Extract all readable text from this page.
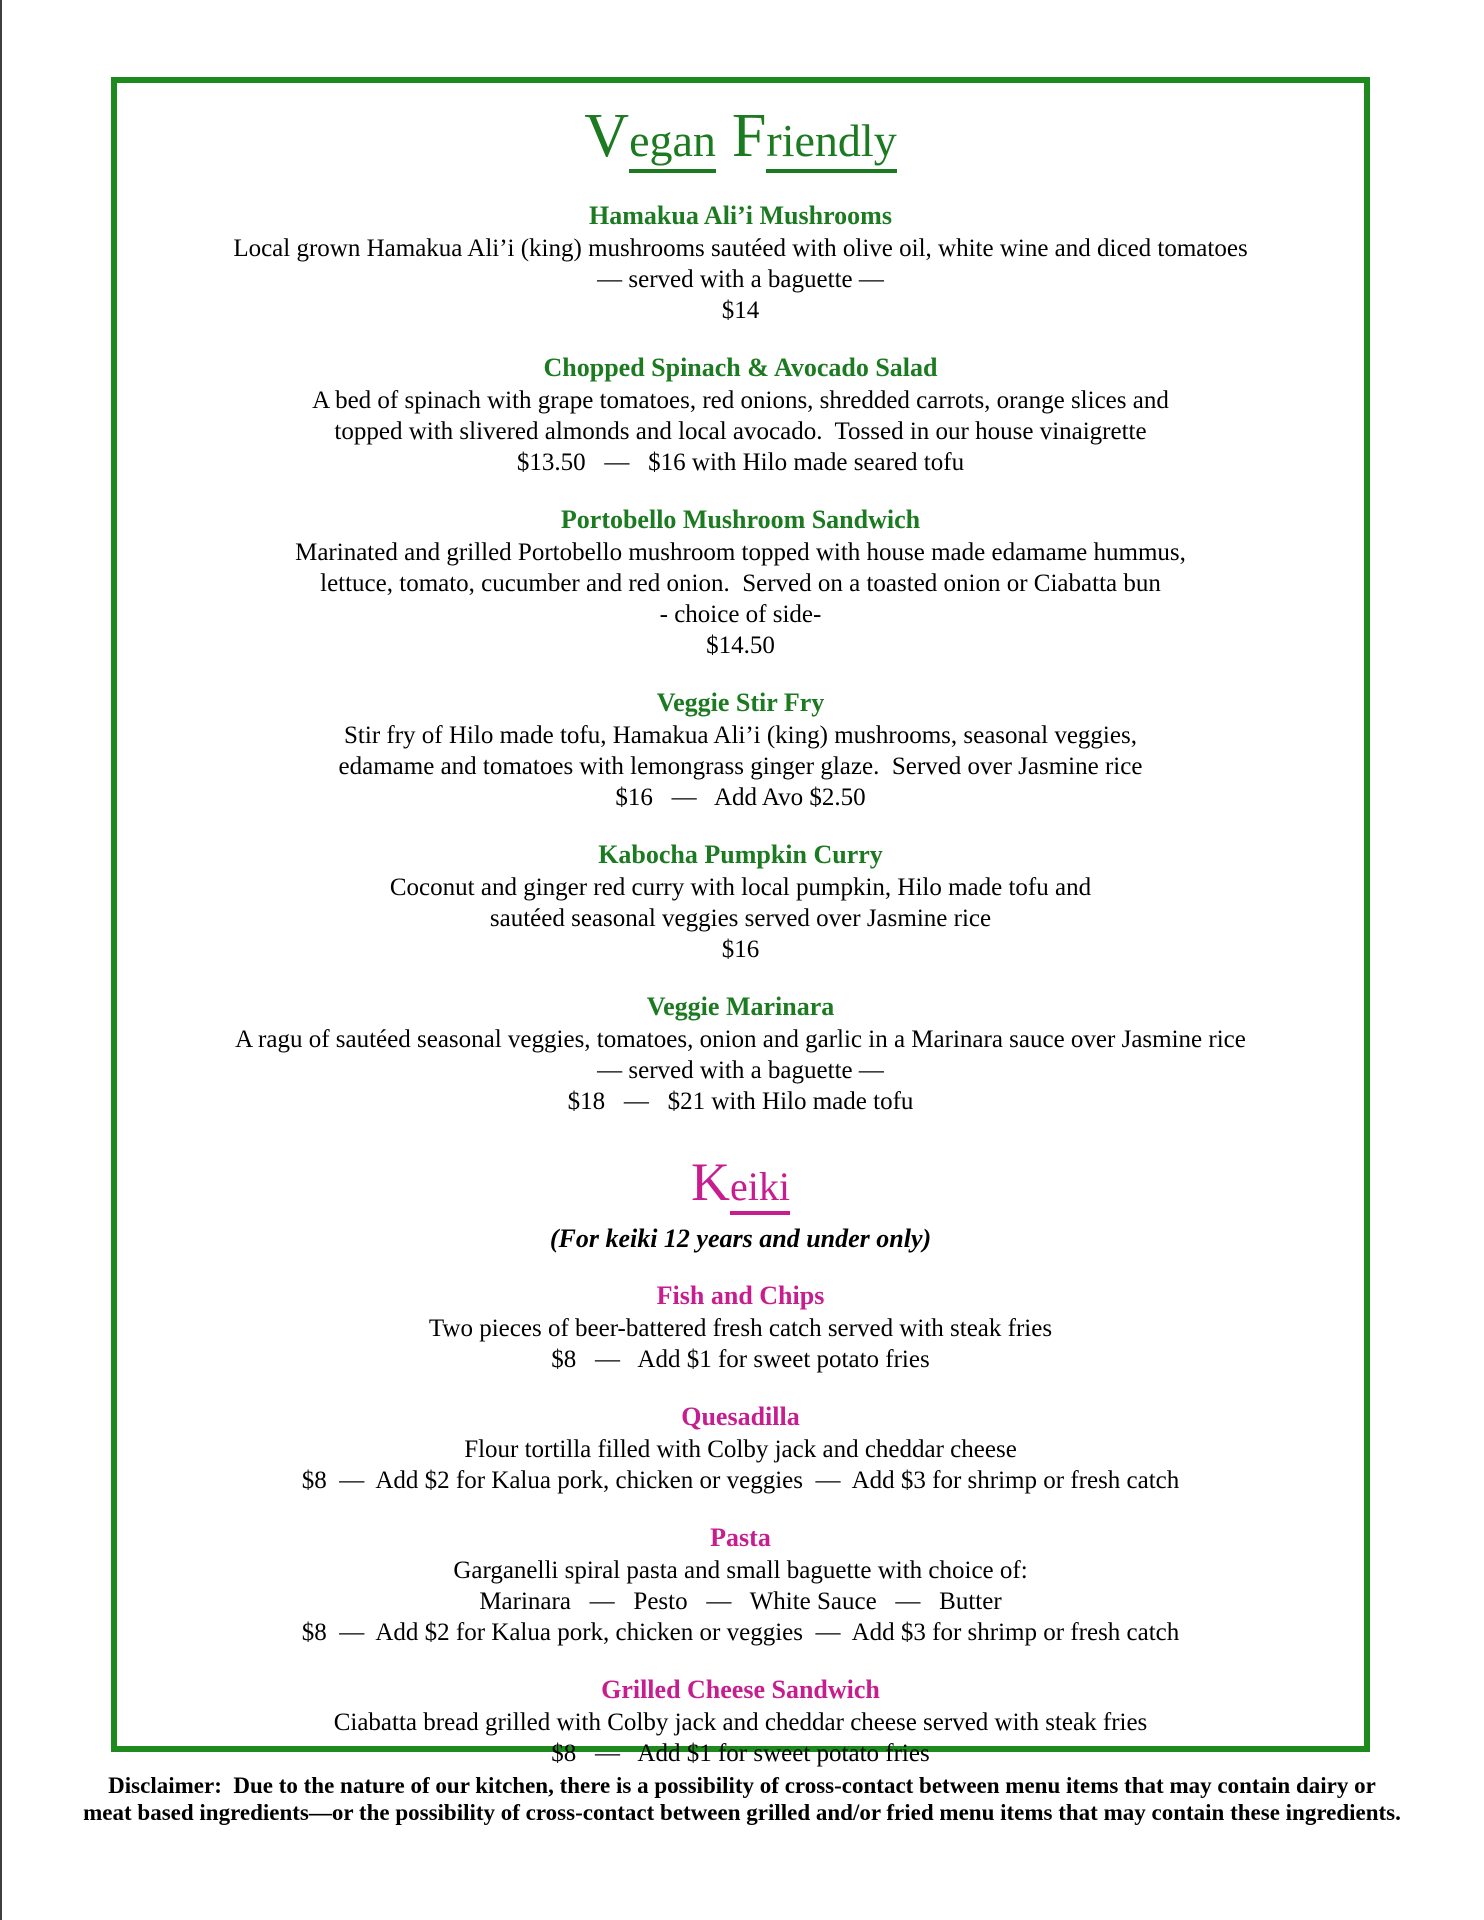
Vegan Friendly
Hamakua Ali’i Mushrooms
Local grown Hamakua Ali’i (king) mushrooms sautéed with olive oil, white wine and diced tomatoes
— served with a baguette —
$14
Chopped Spinach & Avocado Salad
A bed of spinach with grape tomatoes, red onions, shredded carrots, orange slices and
topped with slivered almonds and local avocado.  Tossed in our house vinaigrette
$13.50   —   $16 with Hilo made seared tofu
Portobello Mushroom Sandwich
Marinated and grilled Portobello mushroom topped with house made edamame hummus,
lettuce, tomato, cucumber and red onion.  Served on a toasted onion or Ciabatta bun
- choice of side-
$14.50
Veggie Stir Fry
Stir fry of Hilo made tofu, Hamakua Ali’i (king) mushrooms, seasonal veggies,
edamame and tomatoes with lemongrass ginger glaze.  Served over Jasmine rice
$16   —   Add Avo $2.50
Kabocha Pumpkin Curry
Coconut and ginger red curry with local pumpkin, Hilo made tofu and
sautéed seasonal veggies served over Jasmine rice
$16
Veggie Marinara
A ragu of sautéed seasonal veggies, tomatoes, onion and garlic in a Marinara sauce over Jasmine rice
— served with a baguette —
$18   —   $21 with Hilo made tofu
Keiki
(For keiki 12 years and under only)
Fish and Chips
Two pieces of beer-battered fresh catch served with steak fries
$8   —   Add $1 for sweet potato fries
Quesadilla
Flour tortilla filled with Colby jack and cheddar cheese
$8  —  Add $2 for Kalua pork, chicken or veggies  —  Add $3 for shrimp or fresh catch
Pasta
Garganelli spiral pasta and small baguette with choice of:
Marinara   —   Pesto   —   White Sauce   —   Butter
$8  —  Add $2 for Kalua pork, chicken or veggies  —  Add $3 for shrimp or fresh catch
Grilled Cheese Sandwich
Ciabatta bread grilled with Colby jack and cheddar cheese served with steak fries
$8   —   Add $1 for sweet potato fries
Disclaimer:  Due to the nature of our kitchen, there is a possibility of cross-contact between menu items that may contain dairy or
meat based ingredients—or the possibility of cross-contact between grilled and/or fried menu items that may contain these ingredients.
